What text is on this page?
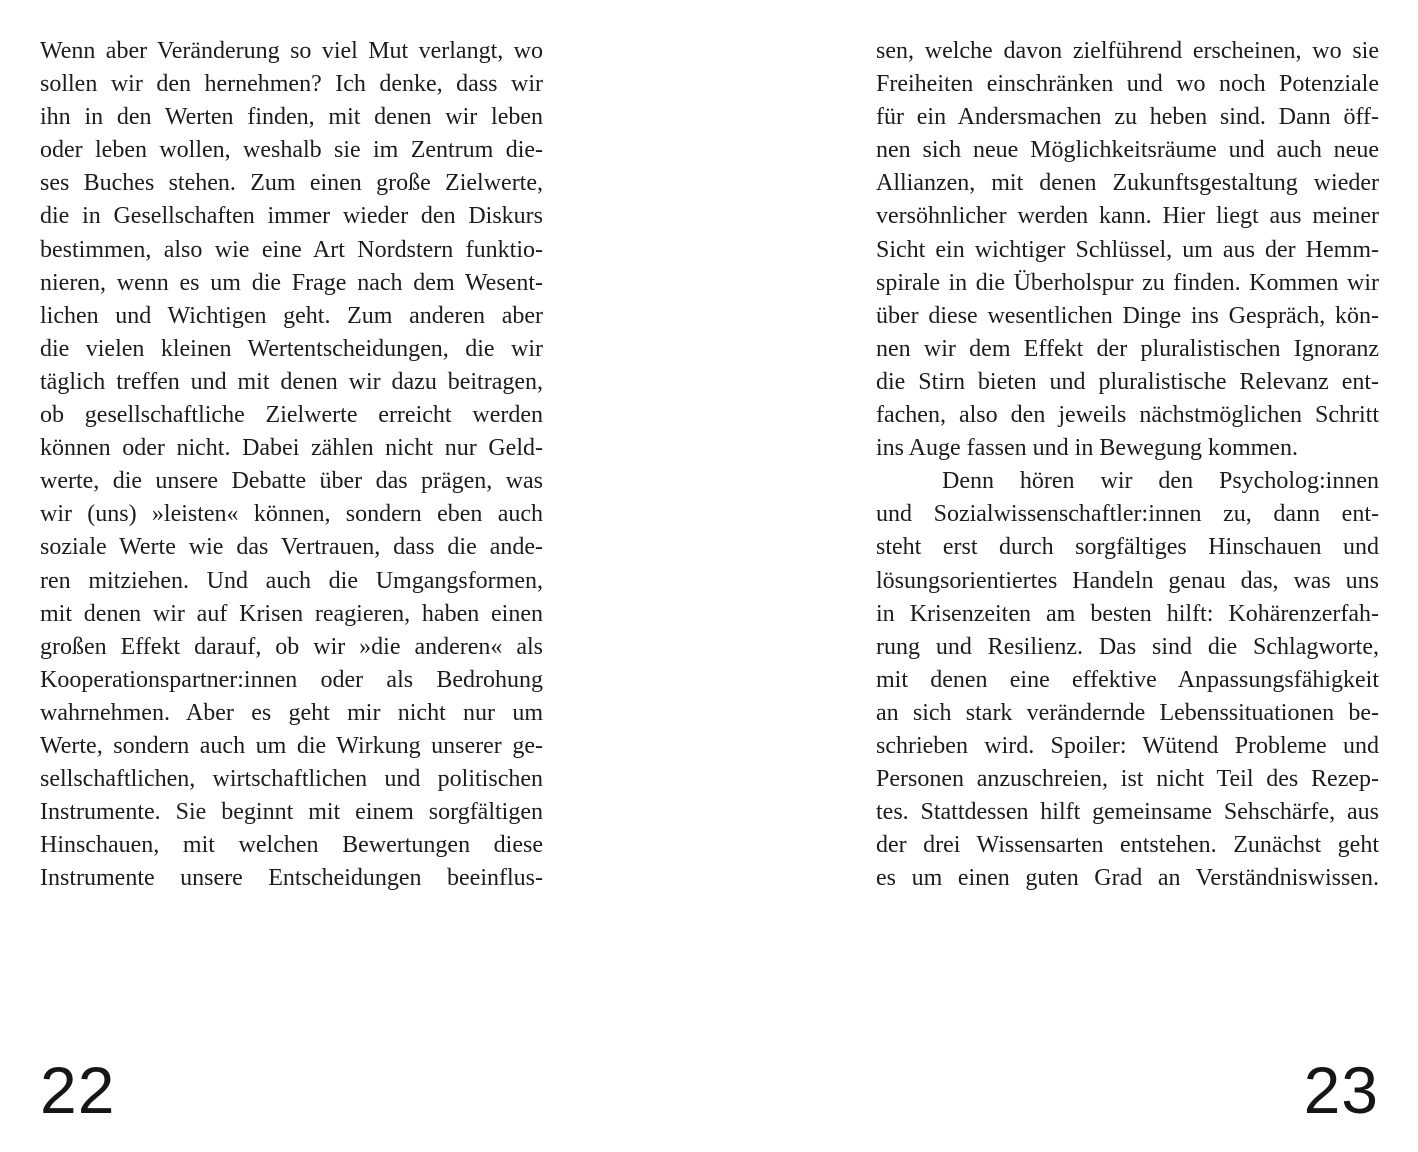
Wenn aber Veränderung so viel Mut verlangt, wo
sollen wir den hernehmen? Ich denke, dass wir
ihn in den Werten finden, mit denen wir leben
oder leben wollen, weshalb sie im Zentrum die-
ses Buches stehen. Zum einen große Zielwerte,
die in Gesellschaften immer wieder den Diskurs
bestimmen, also wie eine Art Nordstern funktio-
nieren, wenn es um die Frage nach dem Wesent-
lichen und Wichtigen geht. Zum anderen aber
die vielen kleinen Wertentscheidungen, die wir
täglich treffen und mit denen wir dazu beitragen,
ob gesellschaftliche Zielwerte erreicht werden
können oder nicht. Dabei zählen nicht nur Geld-
werte, die unsere Debatte über das prägen, was
wir (uns) »leisten« können, sondern eben auch
soziale Werte wie das Vertrauen, dass die ande-
ren mitziehen. Und auch die Umgangsformen,
mit denen wir auf Krisen reagieren, haben einen
großen Effekt darauf, ob wir »die anderen« als
Kooperationspartner:innen oder als Bedrohung
wahrnehmen. Aber es geht mir nicht nur um
Werte, sondern auch um die Wirkung unserer ge-
sellschaftlichen, wirtschaftlichen und politischen
Instrumente. Sie beginnt mit einem sorgfältigen
Hinschauen, mit welchen Bewertungen diese
Instrumente unsere Entscheidungen beeinflus-
sen, welche davon zielführend erscheinen, wo sie
Freiheiten einschränken und wo noch Potenziale
für ein Andersmachen zu heben sind. Dann öff-
nen sich neue Möglichkeitsräume und auch neue
Allianzen, mit denen Zukunftsgestaltung wieder
versöhnlicher werden kann. Hier liegt aus meiner
Sicht ein wichtiger Schlüssel, um aus der Hemm-
spirale in die Überholspur zu finden. Kommen wir
über diese wesentlichen Dinge ins Gespräch, kön-
nen wir dem Effekt der pluralistischen Ignoranz
die Stirn bieten und pluralistische Relevanz ent-
fachen, also den jeweils nächstmöglichen Schritt
ins Auge fassen und in Bewegung kommen.
Denn hören wir den Psycholog:innen
und Sozialwissenschaftler:innen zu, dann ent-
steht erst durch sorgfältiges Hinschauen und
lösungsorientiertes Handeln genau das, was uns
in Krisenzeiten am besten hilft: Kohärenzerfah-
rung und Resilienz. Das sind die Schlagworte,
mit denen eine effektive Anpassungsfähigkeit
an sich stark verändernde Lebenssituationen be-
schrieben wird. Spoiler: Wütend Probleme und
Personen anzuschreien, ist nicht Teil des Rezep-
tes. Stattdessen hilft gemeinsame Sehschärfe, aus
der drei Wissensarten entstehen. Zunächst geht
es um einen guten Grad an Verständniswissen.
22	23
